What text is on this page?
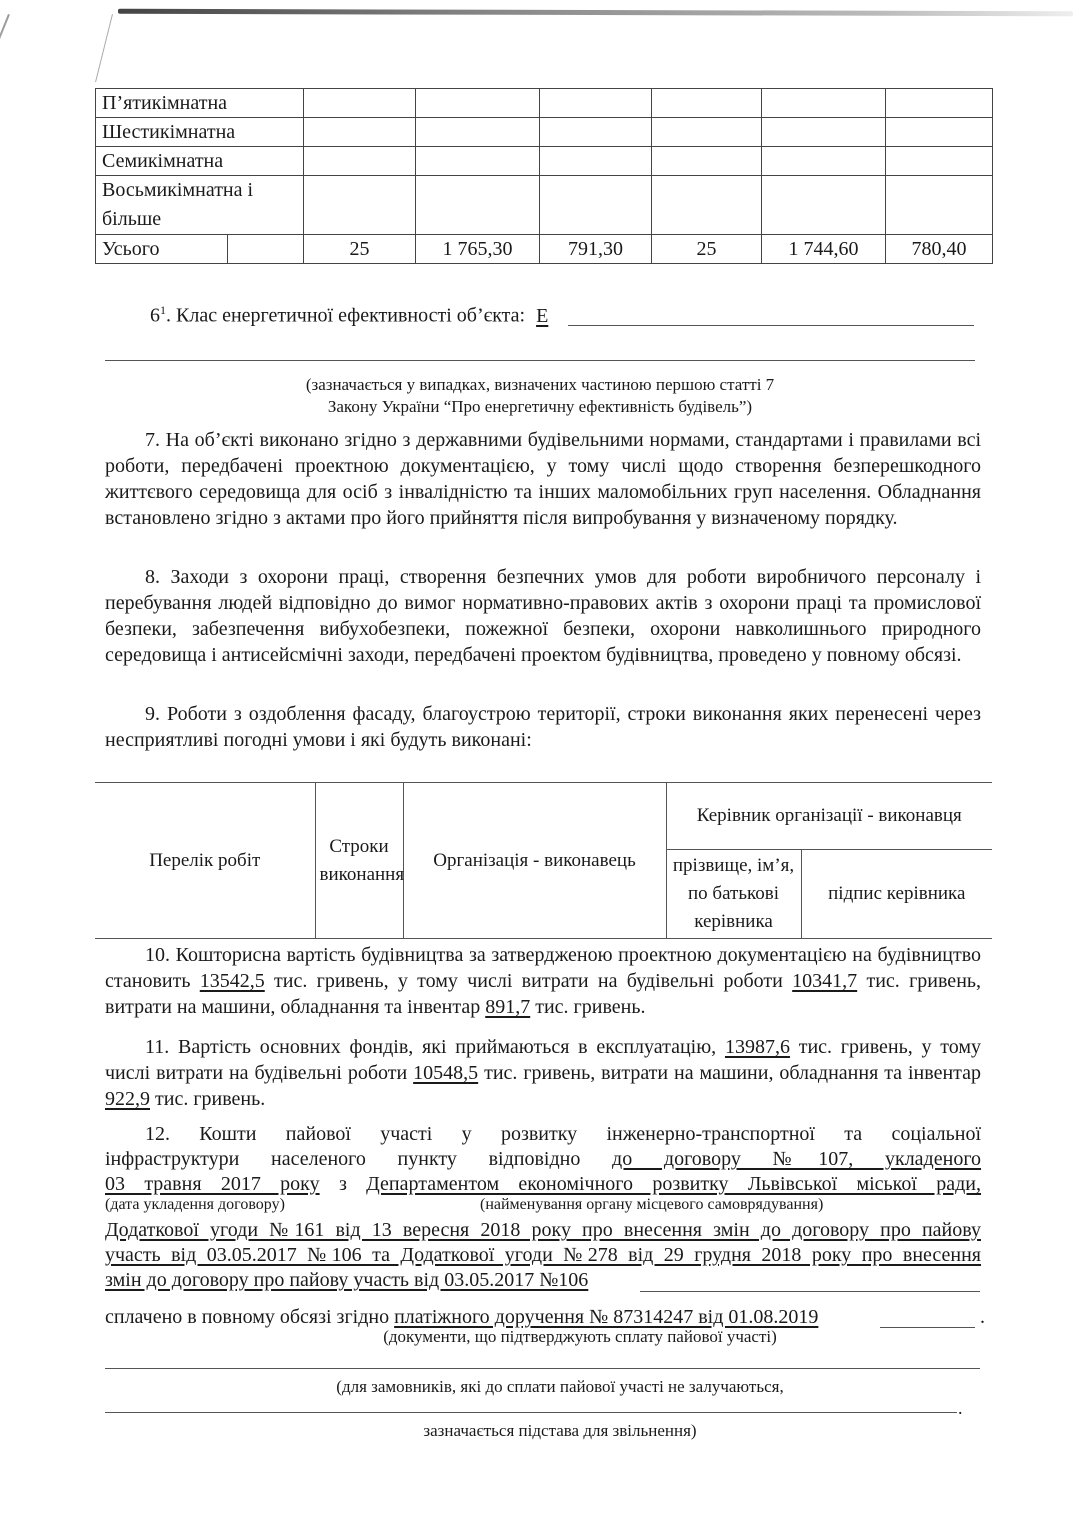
П’ятикімнатна							
Шестикімнатна							
Семикімнатна							
Восьмикімнатна і більше							
Усього		25	1 765,30	791,30	25	1 744,60	780,40
$6^1$. Клас енергетичної ефективності об’єкта: Е
(зазначається у випадках, визначених частиною першою статті 7
Закону України “Про енергетичну ефективність будівель”)
7. На об’єкті виконано згідно з державними будівельними нормами, стандартами і правилами всі роботи, передбачені проектною документацією, у тому числі щодо створення безперешкодного життєвого середовища для осіб з інвалідністю та інших маломобільних груп населення. Обладнання встановлено згідно з актами про його прийняття після випробування у визначеному порядку.
8. Заходи з охорони праці, створення безпечних умов для роботи виробничого персоналу і перебування людей відповідно до вимог нормативно-правових актів з охорони праці та промислової безпеки, забезпечення вибухобезпеки, пожежної безпеки, охорони навколишнього природного середовища і антисейсмічні заходи, передбачені проектом будівництва, проведено у повному обсязі.
9. Роботи з оздоблення фасаду, благоустрою території, строки виконання яких перенесені через несприятливі погодні умови і які будуть виконані:
Перелік робіт	Строки виконання	Організація - виконавець	Керівник організації - виконавця	
			прізвище, ім’я, по батькові керівника	підпис керівника
10. Кошторисна вартість будівництва за затвердженою проектною документацією на будівництво становить 13542,5 тис. гривень, у тому числі витрати на будівельні роботи 10341,7 тис. гривень, витрати на машини, обладнання та інвентар 891,7 тис. гривень.
11. Вартість основних фондів, які приймаються в експлуатацію, 13987,6 тис. гривень, у тому числі витрати на будівельні роботи 10548,5 тис. гривень, витрати на машини, обладнання та інвентар 922,9 тис. гривень.
12. Кошти пайової участі у розвитку інженерно-транспортної та соціальної
інфраструктури населеного пункту відповідно до договору №107, укладеного
03 травня 2017 року з Департаментом економічного розвитку Львівської міської ради,
(дата укладення договору)	(найменування органу місцевого самоврядування)
Додаткової угоди №161 від 13 вересня 2018 року про внесення змін до договору про пайову
участь від 03.05.2017 №106 та Додаткової угоди №278 від 29 грудня 2018 року про внесення
змін до договору про пайову участь від 03.05.2017 №106
сплачено в повному обсязі згідно платіжного доручення № 87314247 від 01.08.2019	.
(документи, що підтверджують сплату пайової участі)
(для замовників, які до сплати пайової участі не залучаються,
.
зазначається підстава для звільнення)
